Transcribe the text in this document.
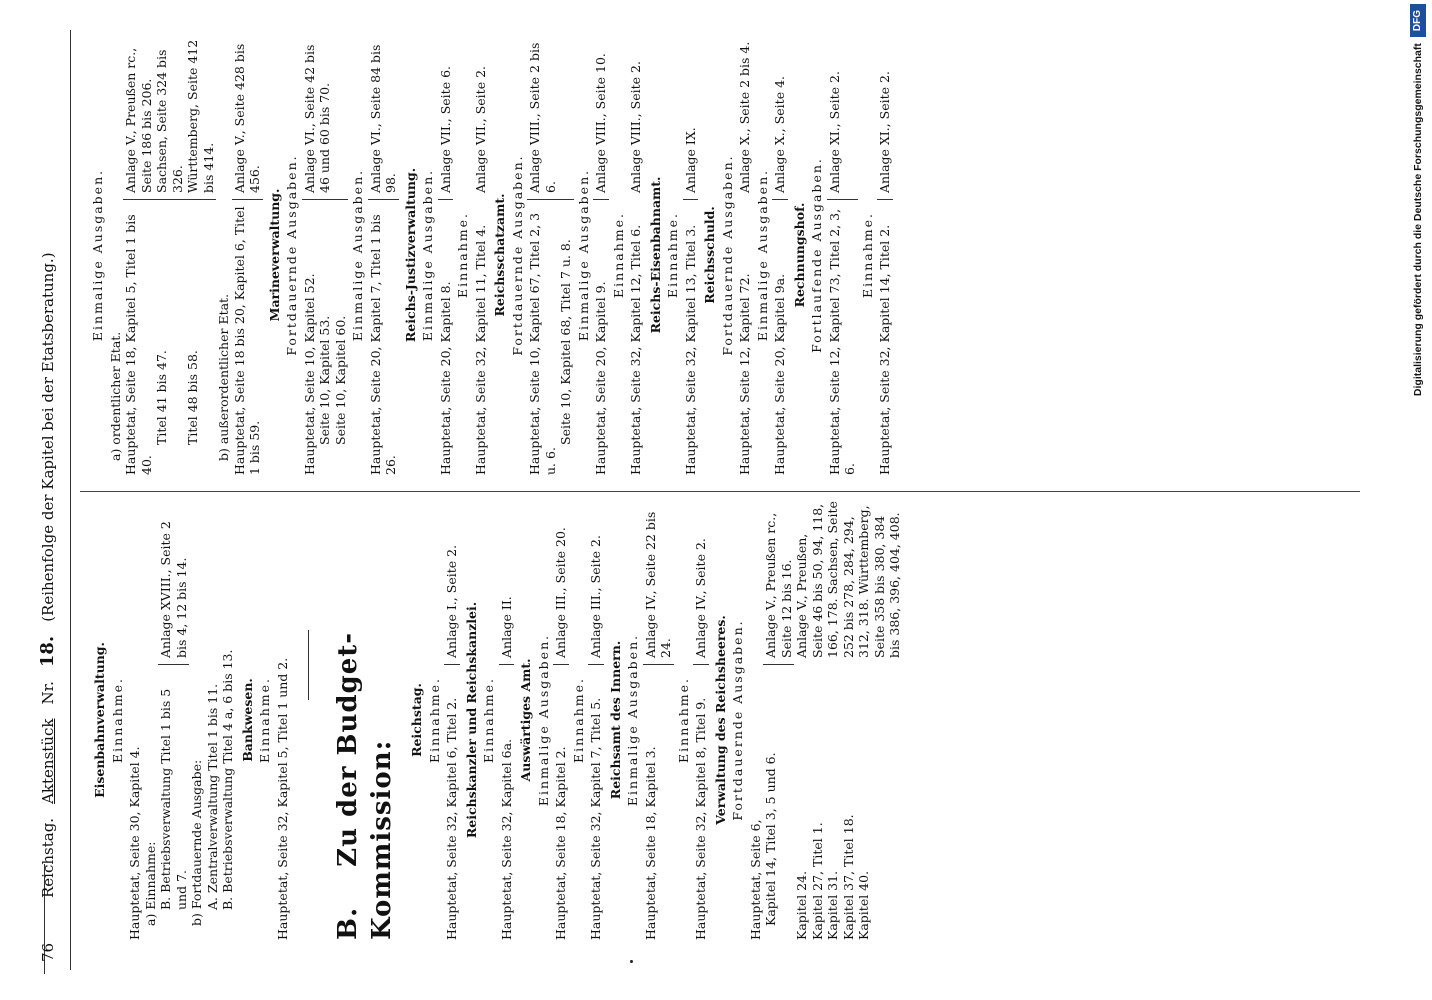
76
Reichstag.
Aktenstück
Nr.
18.
(Reihenfolge der Kapitel bei der Etatsberatung.)
Eisenbahnverwaltung. Einnahme.
Hauptetat, Seite 30, Kapitel 4. a) Einnahme: B. Betriebsverwaltung Titel 1 bis 5 und 7.
Anlage XVIII., Seite 2 bis 4, 12 bis 14.
b) Fortdauernde Ausgabe: A. Zentralverwaltung Titel 1 bis 11. B. Betriebsverwaltung Titel 4 a, 6 bis 13. Bankwesen. Einnahme. Hauptetat, Seite 32, Kapitel 5, Titel 1 und 2. B. Zu der Budget-Kommission:
Reichstag. Einnahme. Hauptetat, Seite 32, Kapitel 6, Titel 2.
Anlage I., Seite 2.
Reichskanzler und Reichskanzlei. Einnahme.
Hauptetat, Seite 32, Kapitel 6a.
Anlage II.
Auswärtiges Amt. Einmalige Ausgaben.
Hauptetat, Seite 18, Kapitel 2.
Anlage III., Seite 20.
Einnahme. Hauptetat, Seite 32, Kapitel 7, Titel 5.
Anlage III., Seite 2.
Reichsamt des Innern. Einmalige Ausgaben.
Hauptetat, Seite 18, Kapitel 3.
Anlage IV., Seite 22 bis 24.
Einnahme. Hauptetat, Seite 32, Kapitel 8, Titel 9.
Anlage IV., Seite 2.
Verwaltung des Reichsheeres. Fortdauernde Ausgaben.
Hauptetat, Seite 6, Kapitel 14, Titel 3, 5 und 6.
Anlage V., Preußen rc., Seite 12 bis 16.
Kapitel 24. Kapitel 27, Titel 1. Kapitel 31. Kapitel 37, Titel 18. Kapitel 40.
Anlage V., Preußen, Seite 46 bis 50, 94, 118, 166, 178. Sachsen, Seite 252 bis 278, 284, 294, 312, 318. Württemberg, Seite 358 bis 380, 384 bis 386, 396, 404, 408.
Einmalige Ausgaben.
a) ordentlicher Etat. Hauptetat, Seite 18, Kapitel 5, Titel 1 bis 40.
Anlage V., Preußen rc., Seite 186 bis 206.
Titel 41 bis 47.
Sachsen, Seite 324 bis 326.
Titel 48 bis 58.
Württemberg, Seite 412 bis 414.
b) außerordentlicher Etat. Hauptetat, Seite 18 bis 20, Kapitel 6, Titel 1 bis 59.
Anlage V., Seite 428 bis 456.
Marineverwaltung. Fortdauernde Ausgaben.
Hauptetat, Seite 10, Kapitel 52. Seite 10, Kapitel 53. Seite 10, Kapitel 60.
Anlage VI., Seite 42 bis 46 und 60 bis 70.
Einmalige Ausgaben. Hauptetat, Seite 20, Kapitel 7, Titel 1 bis 26.
Anlage VI., Seite 84 bis 98. Reichs-Justizverwaltung. Einmalige Ausgaben.
Hauptetat, Seite 20, Kapitel 8.
Anlage VII., Seite 6.
Einnahme. Hauptetat, Seite 32, Kapitel 11, Titel 4.
Anlage VII., Seite 2.
Reichsschatzamt. Fortdauernde Ausgaben. Hauptetat, Seite 10, Kapitel 67, Titel 2, 3 u. 6.
Seite 10, Kapitel 68, Titel 7 u. 8.
Anlage VIII., Seite 2 bis 6.	Einmalige Ausgaben.
Hauptetat, Seite 20, Kapitel 9.
Anlage VIII., Seite 10.
Einnahme. Hauptetat, Seite 32, Kapitel 12, Titel 6.
Anlage VIII., Seite 2.
Reichs-Eisenbahnamt. Einnahme. Hauptetat, Seite 32, Kapitel 13, Titel 3.
Anlage IX.
Reichsschuld. Fortdauernde Ausgaben.
Hauptetat, Seite 12, Kapitel 72.
Anlage X., Seite 2 bis 4.
Einmalige Ausgaben.
Hauptetat, Seite 20, Kapitel 9a.
Anlage X., Seite 4.
Rechnungshof. Fortlaufende Ausgaben. Hauptetat, Seite 12, Kapitel 73, Titel 2, 3, 6.
Anlage XI., Seite 2.
Einnahme. Hauptetat, Seite 32, Kapitel 14, Titel 2.
Anlage XI., Seite 2.	Digitalisierung gefördert durch die Deutsche Forschungsgemeinschaft
DFG
